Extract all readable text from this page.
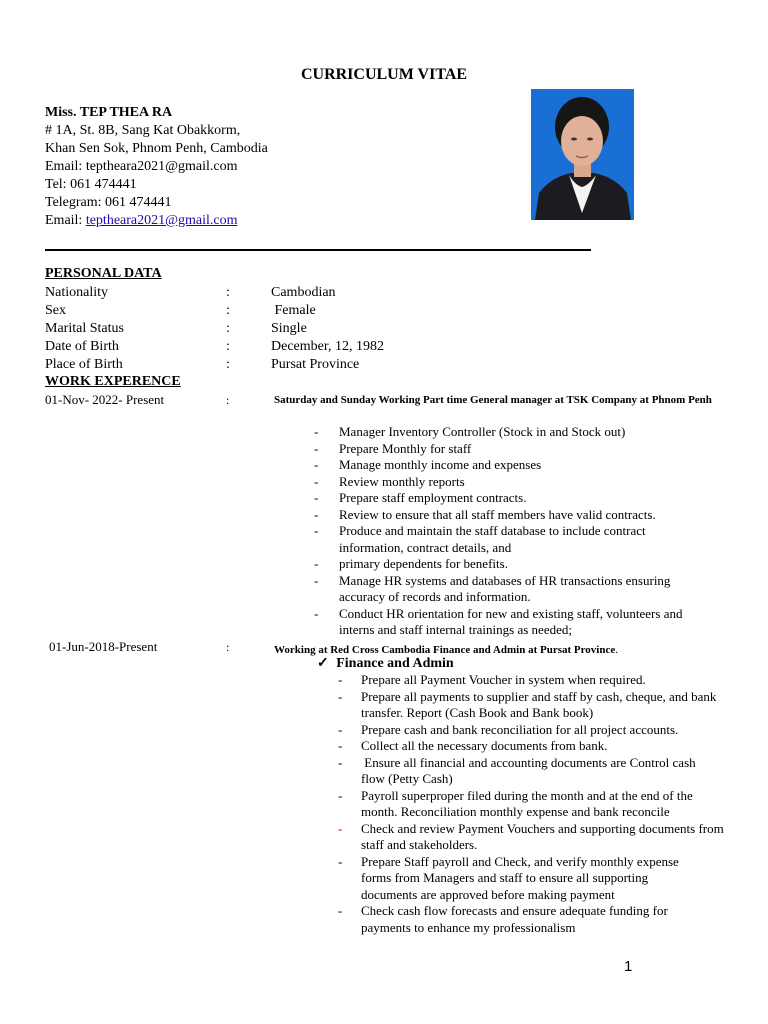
CURRICULUM VITAE
Miss. TEP THEA RA
# 1A, St. 8B, Sang Kat Obakkorm,
Khan Sen Sok, Phnom Penh, Cambodia
Email: teptheara2021@gmail.com
Tel: 061 474441
Telegram: 061 474441
Email: teptheara2021@gmail.com
PERSONAL DATA
Nationality	:	Cambodian
Sex	:	Female
Marital Status	:	Single
Date of Birth	:	December, 12, 1982
Place of Birth	:	Pursat Province
WORK EXPERENCE
01-Nov- 2022- Present	:	Saturday and Sunday Working Part time General manager at TSK Company at Phnom Penh
- Manager Inventory Controller (Stock in and Stock out)
- Prepare Monthly for staff
- Manage monthly income and expenses
- Review monthly reports
- Prepare staff employment contracts.
- Review to ensure that all staff members have valid contracts.
- Produce and maintain the staff database to include contract information, contract details, and
- primary dependents for benefits.
- Manage HR systems and databases of HR transactions ensuring accuracy of records and information.
- Conduct HR orientation for new and existing staff, volunteers and interns and staff internal trainings as needed;
01-Jun-2018-Present	:	Working at Red Cross Cambodia Finance and Admin at Pursat Province.
✓ Finance and Admin
- Prepare all Payment Voucher in system when required.
- Prepare all payments to supplier and staff by cash, cheque, and bank transfer. Report (Cash Book and Bank book)
- Prepare cash and bank reconciliation for all project accounts.
- Collect all the necessary documents from bank.
- Ensure all financial and accounting documents are Control cash flow (Petty Cash)
- Payroll superproper filed during the month and at the end of the month. Reconciliation monthly expense and bank reconcile
- Check and review Payment Vouchers and supporting documents from staff and stakeholders.
- Prepare Staff payroll and Check, and verify monthly expense forms from Managers and staff to ensure all supporting documents are approved before making payment
- Check cash flow forecasts and ensure adequate funding for payments to enhance my professionalism
1
